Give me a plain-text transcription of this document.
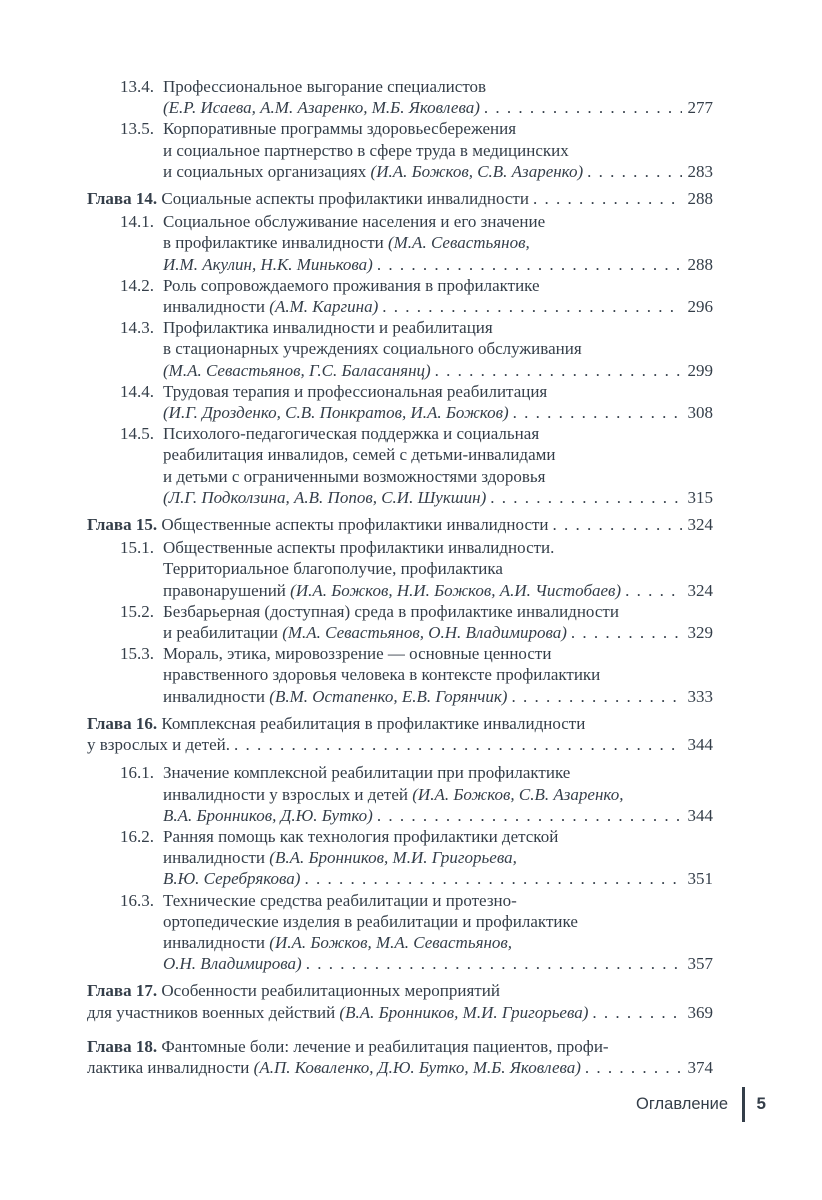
13.4. Профессиональное выгорание специалистов
(Е.Р. Исаева, А.М. Азаренко, М.Б. Яковлева) . . .	277
13.5. Корпоративные программы здоровьесбережения
и социальное партнерство в сфере труда в медицинских
и социальных организациях (И.А. Божков, С.В. Азаренко) . . .	283
Глава 14. Социальные аспекты профилактики инвалидности . . .	288
14.1. Социальное обслуживание населения и его значение
в профилактике инвалидности (М.А. Севастьянов,
И.М. Акулин, Н.К. Минькова) . . .	288
14.2. Роль сопровождаемого проживания в профилактике
инвалидности (А.М. Каргина) . . .	296
14.3. Профилактика инвалидности и реабилитация
в стационарных учреждениях социального обслуживания
(М.А. Севастьянов, Г.С. Баласанянц) . . .	299
14.4. Трудовая терапия и профессиональная реабилитация
(И.Г. Дрозденко, С.В. Понкратов, И.А. Божков) . . .	308
14.5. Психолого-педагогическая поддержка и социальная
реабилитация инвалидов, семей с детьми-инвалидами
и детьми с ограниченными возможностями здоровья
(Л.Г. Подколзина, А.В. Попов, С.И. Шукшин) . . .	315
Глава 15. Общественные аспекты профилактики инвалидности . . .	324
15.1. Общественные аспекты профилактики инвалидности.
Территориальное благополучие, профилактика
правонарушений (И.А. Божков, Н.И. Божков, А.И. Чистобаев) . . .	324
15.2. Безбарьерная (доступная) среда в профилактике инвалидности
и реабилитации (М.А. Севастьянов, О.Н. Владимирова) . . .	329
15.3. Мораль, этика, мировоззрение — основные ценности
нравственного здоровья человека в контексте профилактики
инвалидности (В.М. Остапенко, Е.В. Горянчик) . . .	333
Глава 16. Комплексная реабилитация в профилактике инвалидности
у взрослых и детей. . . .	344
16.1. Значение комплексной реабилитации при профилактике
инвалидности у взрослых и детей (И.А. Божков, С.В. Азаренко,
В.А. Бронников, Д.Ю. Бутко) . . .	344
16.2. Ранняя помощь как технология профилактики детской
инвалидности (В.А. Бронников, М.И. Григорьева,
В.Ю. Серебрякова) . . .	351
16.3. Технические средства реабилитации и протезно-
ортопедические изделия в реабилитации и профилактике
инвалидности (И.А. Божков, М.А. Севастьянов,
О.Н. Владимирова) . . .	357
Глава 17. Особенности реабилитационных мероприятий
для участников военных действий (В.А. Бронников, М.И. Григорьева) . . .	369
Глава 18. Фантомные боли: лечение и реабилитация пациентов, профи-
лактика инвалидности (А.П. Коваленко, Д.Ю. Бутко, М.Б. Яковлева) . . .	374
Оглавление 5
